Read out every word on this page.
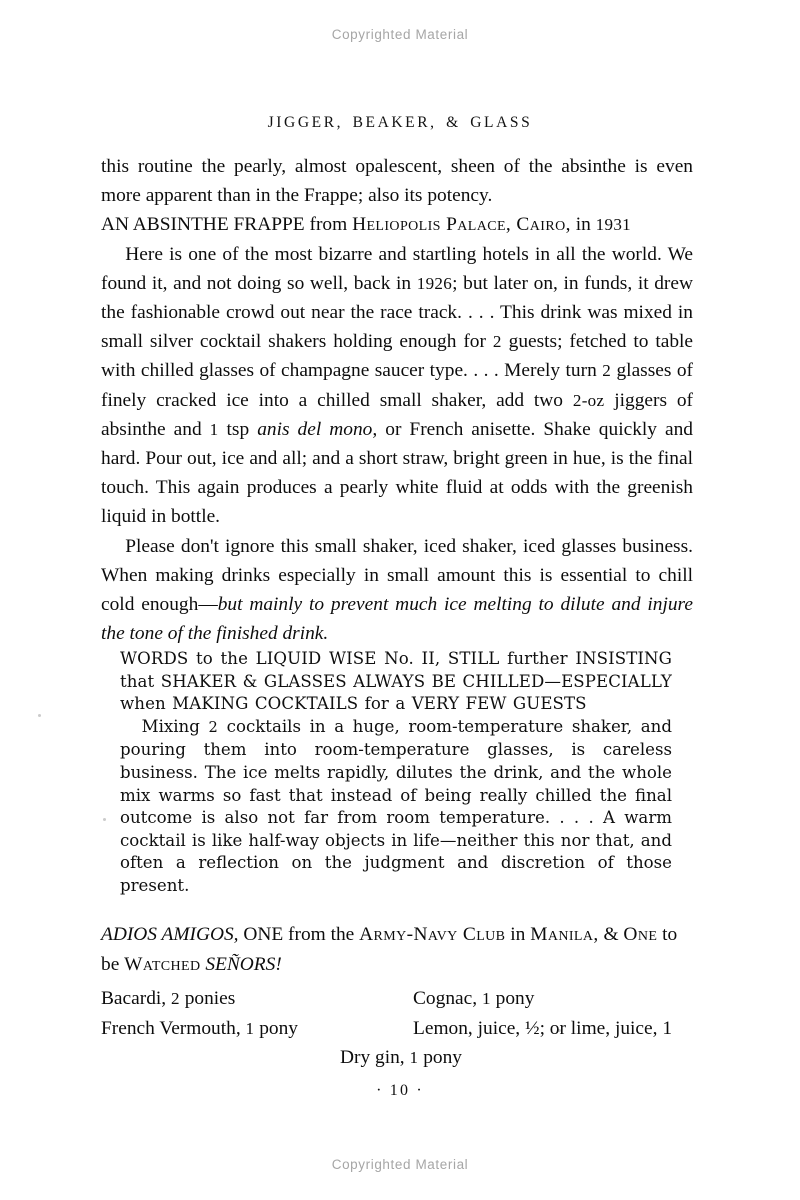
Copyrighted Material
JIGGER, BEAKER, & GLASS

this routine the pearly, almost opalescent, sheen of the absinthe is even more apparent than in the Frappe; also its potency.

AN ABSINTHE FRAPPE from Heliopolis Palace, Cairo, in 1931

Here is one of the most bizarre and startling hotels in all the world. We found it, and not doing so well, back in 1926; but later on, in funds, it drew the fashionable crowd out near the race track. . . . This drink was mixed in small silver cocktail shakers holding enough for 2 guests; fetched to table with chilled glasses of champagne saucer type. . . . Merely turn 2 glasses of finely cracked ice into a chilled small shaker, add two 2-oz jiggers of absinthe and 1 tsp anis del mono, or French anisette. Shake quickly and hard. Pour out, ice and all; and a short straw, bright green in hue, is the final touch. This again produces a pearly white fluid at odds with the greenish liquid in bottle.

Please don't ignore this small shaker, iced shaker, iced glasses business. When making drinks especially in small amount this is essential to chill cold enough—but mainly to prevent much ice melting to dilute and injure the tone of the finished drink.

WORDS to the LIQUID WISE No. II, STILL further INSISTING that SHAKER & GLASSES ALWAYS BE CHILLED—ESPECIALLY when MAKING COCKTAILS for a VERY FEW GUESTS

Mixing 2 cocktails in a huge, room-temperature shaker, and pouring them into room-temperature glasses, is careless business. The ice melts rapidly, dilutes the drink, and the whole mix warms so fast that instead of being really chilled the final outcome is also not far from room temperature. . . . A warm cocktail is like half-way objects in life—neither this nor that, and often a reflection on the judgment and discretion of those present.

ADIOS AMIGOS, ONE from the Army-Navy Club in Manila, & One to be Watched SEÑORS!
Bacardi, 2 ponies	Cognac, 1 pony
French Vermouth, 1 pony	Lemon, juice, ½; or lime, juice, 1
Dry gin, 1 pony
· 10 ·
Copyrighted Material
